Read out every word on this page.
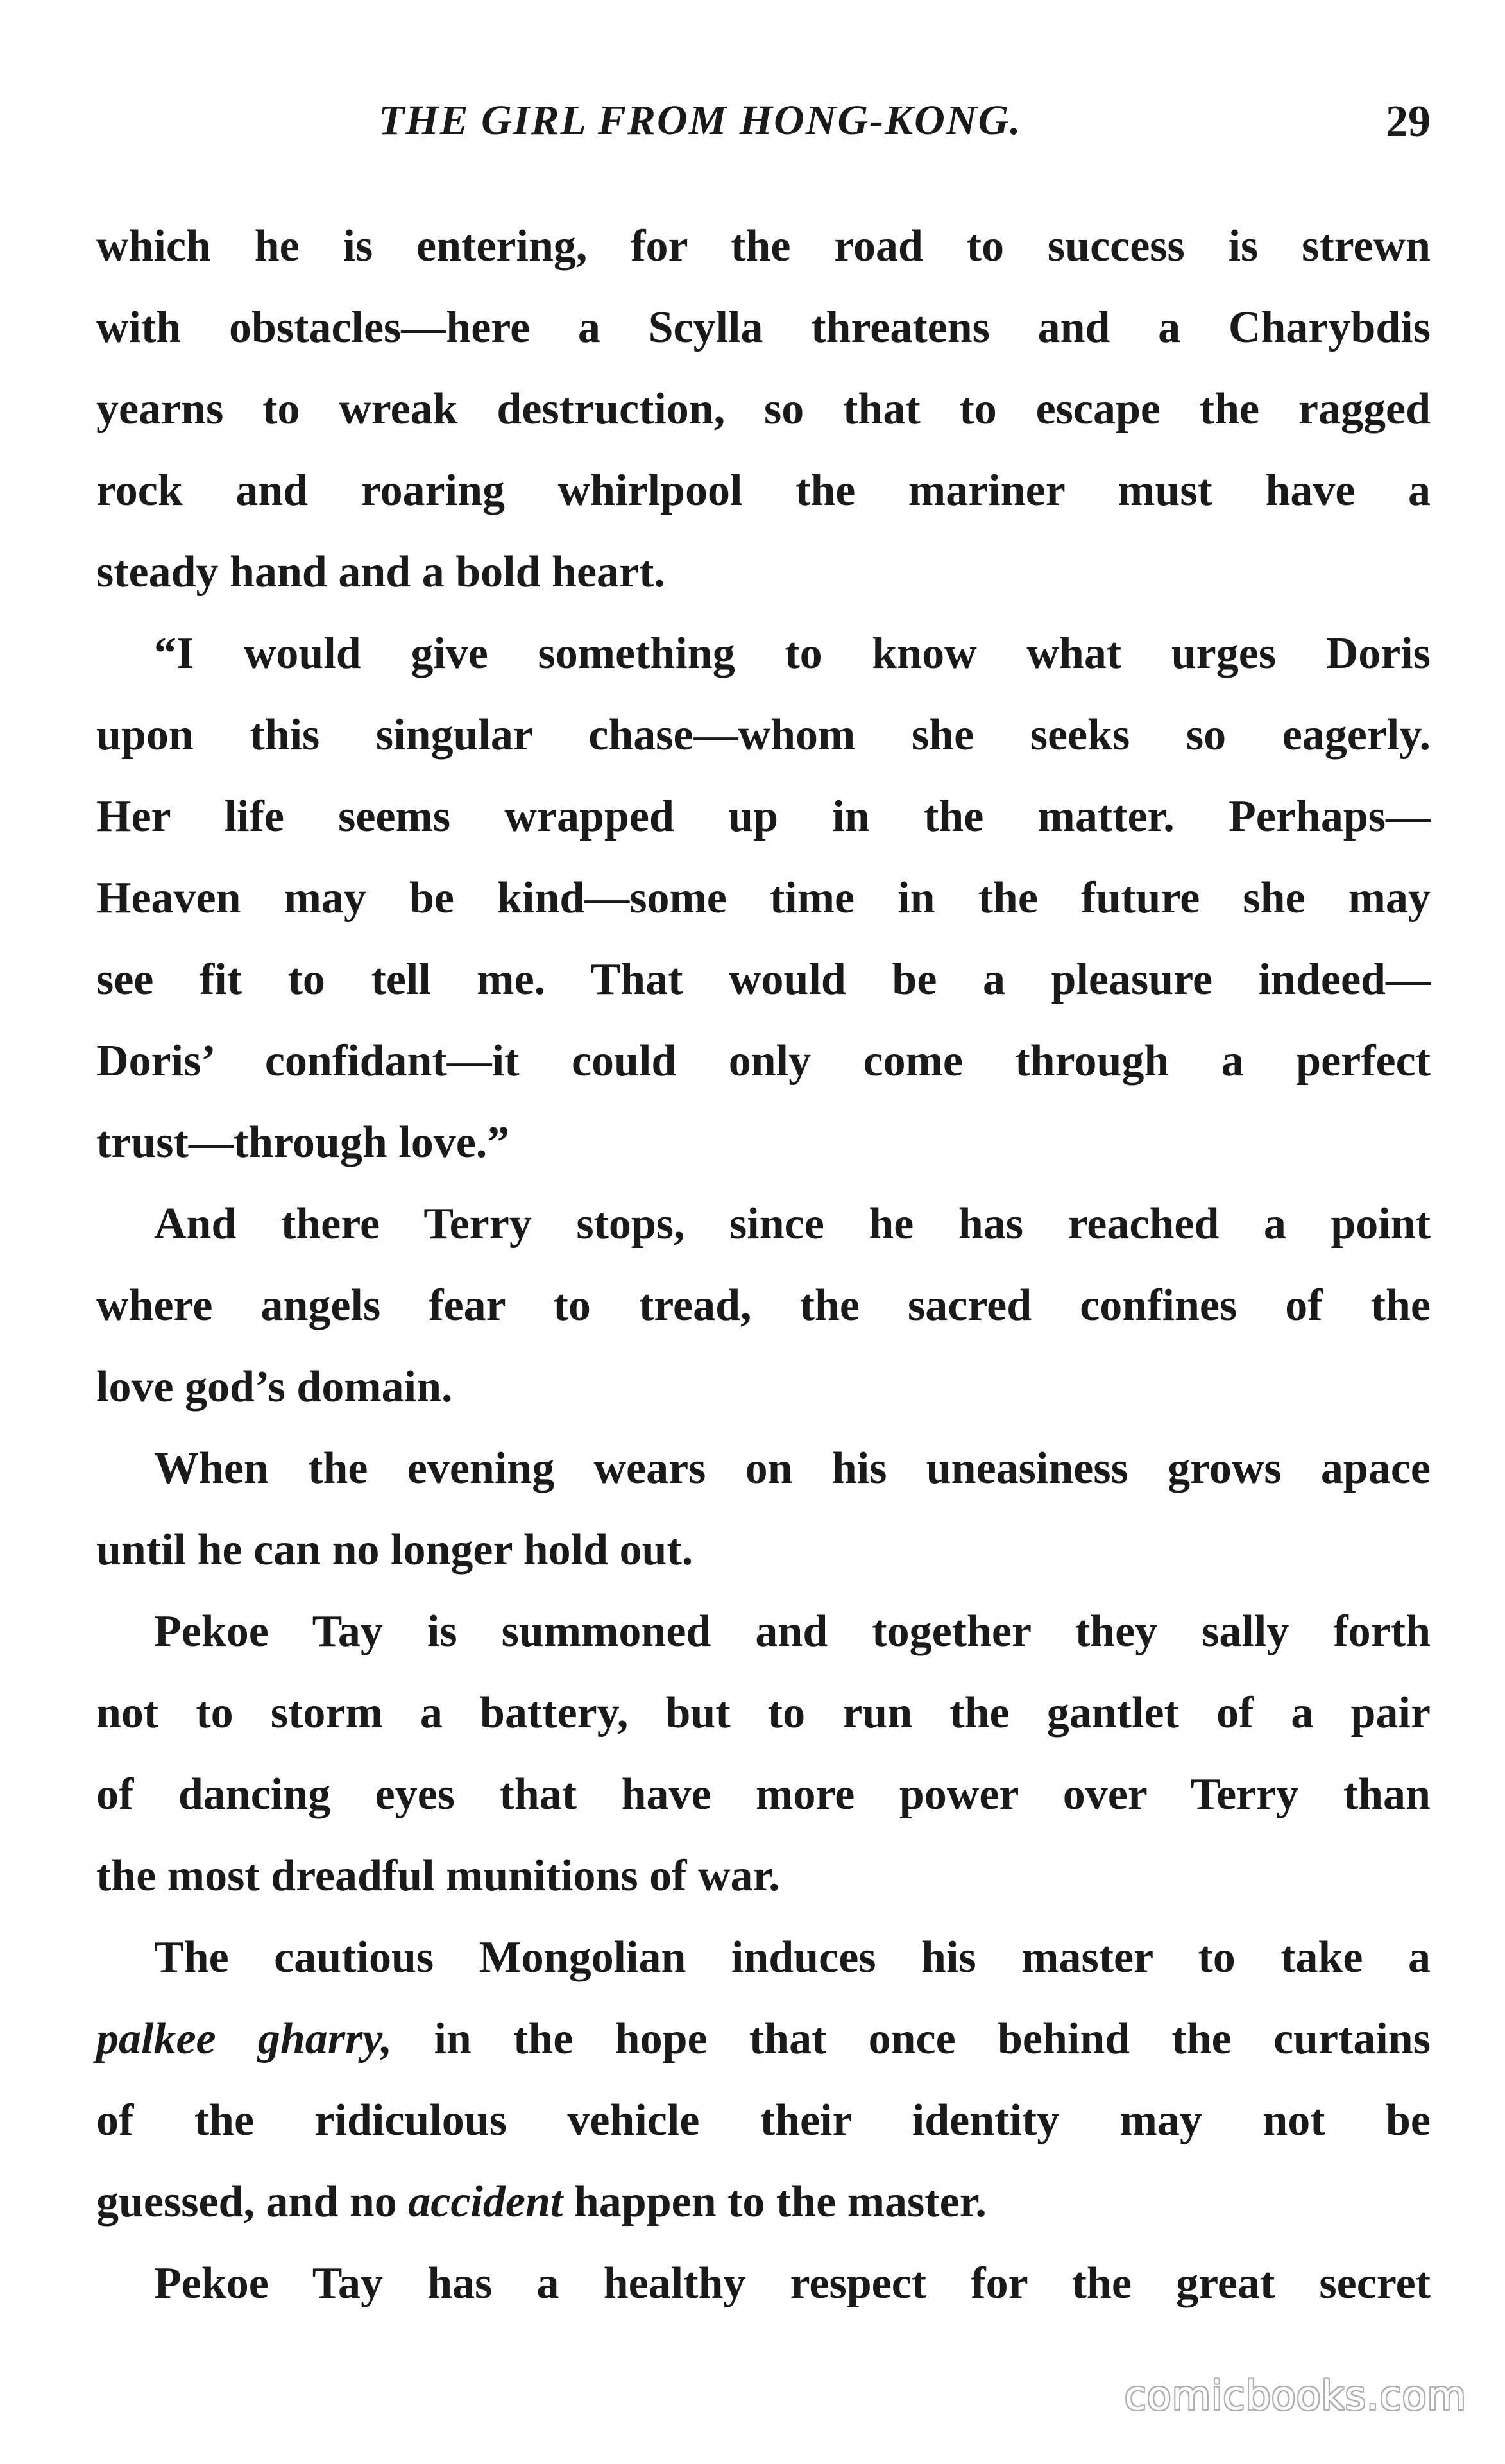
THE GIRL FROM HONG-KONG.	29
which he is entering, for the road to success is strewn
with obstacles—here a Scylla threatens and a Charybdis
yearns to wreak destruction, so that to escape the ragged
rock and roaring whirlpool the mariner must have a
steady hand and a bold heart.
“I would give something to know what urges Doris
upon this singular chase—whom she seeks so eagerly.
Her life seems wrapped up in the matter. Perhaps—
Heaven may be kind—some time in the future she may
see fit to tell me. That would be a pleasure indeed—
Doris’ confidant—it could only come through a perfect
trust—through love.”
And there Terry stops, since he has reached a point
where angels fear to tread, the sacred confines of the
love god’s domain.
When the evening wears on his uneasiness grows apace
until he can no longer hold out.
Pekoe Tay is summoned and together they sally forth
not to storm a battery, but to run the gantlet of a pair
of dancing eyes that have more power over Terry than
the most dreadful munitions of war.
The cautious Mongolian induces his master to take a
palkee gharry, in the hope that once behind the curtains
of the ridiculous vehicle their identity may not be
guessed, and no accident happen to the master.
Pekoe Tay has a healthy respect for the great secret
comicbooks.com
